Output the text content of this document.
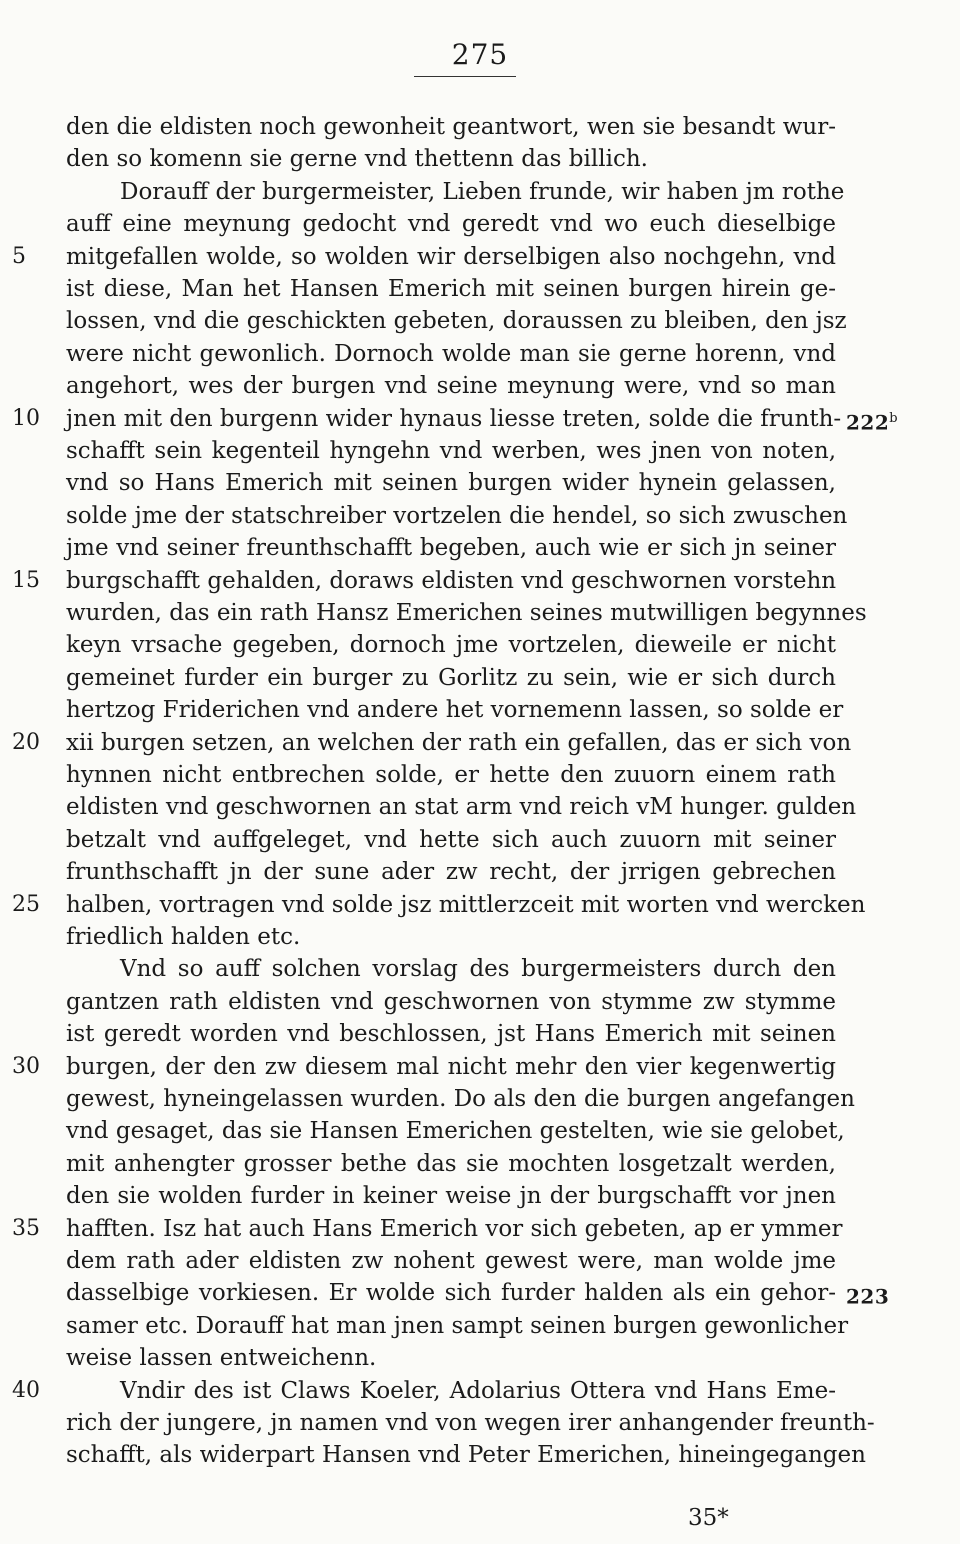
275
den die eldisten noch gewonheit geantwort, wen sie besandt wur-
den so komenn sie gerne vnd thettenn das billich.
Dorauff der burgermeister, Lieben frunde, wir haben jm rothe
auff eine meynung gedocht vnd geredt vnd wo euch dieselbige
mitgefallen wolde, so wolden wir derselbigen also nochgehn, vnd
ist diese, Man het Hansen Emerich mit seinen burgen hirein ge-
lossen, vnd die geschickten gebeten, doraussen zu bleiben, den jsz
were nicht gewonlich. Dornoch wolde man sie gerne horenn, vnd
angehort, wes der burgen vnd seine meynung were, vnd so man
jnen mit den burgenn wider hynaus liesse treten, solde die frunth-
schafft sein kegenteil hyngehn vnd werben, wes jnen von noten,
vnd so Hans Emerich mit seinen burgen wider hynein gelassen,
solde jme der statschreiber vortzelen die hendel, so sich zwuschen
jme vnd seiner freunthschafft begeben, auch wie er sich jn seiner
burgschafft gehalden, doraws eldisten vnd geschwornen vorstehn
wurden, das ein rath Hansz Emerichen seines mutwilligen begynnes
keyn vrsache gegeben, dornoch jme vortzelen, dieweile er nicht
gemeinet furder ein burger zu Gorlitz zu sein, wie er sich durch
hertzog Friderichen vnd andere het vornemenn lassen, so solde er
xii burgen setzen, an welchen der rath ein gefallen, das er sich von
hynnen nicht entbrechen solde, er hette den zuuorn einem rath
eldisten vnd geschwornen an stat arm vnd reich vM hunger. gulden
betzalt vnd auffgeleget, vnd hette sich auch zuuorn mit seiner
frunthschafft jn der sune ader zw recht, der jrrigen gebrechen
halben, vortragen vnd solde jsz mittlerzceit mit worten vnd wercken
friedlich halden etc.
Vnd so auff solchen vorslag des burgermeisters durch den
gantzen rath eldisten vnd geschwornen von stymme zw stymme
ist geredt worden vnd beschlossen, jst Hans Emerich mit seinen
burgen, der den zw diesem mal nicht mehr den vier kegenwertig
gewest, hyneingelassen wurden. Do als den die burgen angefangen
vnd gesaget, das sie Hansen Emerichen gestelten, wie sie gelobet,
mit anhengter grosser bethe das sie mochten losgetzalt werden,
den sie wolden furder in keiner weise jn der burgschafft vor jnen
hafften. Isz hat auch Hans Emerich vor sich gebeten, ap er ymmer
dem rath ader eldisten zw nohent gewest were, man wolde jme
dasselbige vorkiesen. Er wolde sich furder halden als ein gehor-
samer etc. Dorauff hat man jnen sampt seinen burgen gewonlicher
weise lassen entweichenn.
Vndir des ist Claws Koeler, Adolarius Ottera vnd Hans Eme-
rich der jungere, jn namen vnd von wegen irer anhangender freunth-
schafft, als widerpart Hansen vnd Peter Emerichen, hineingegangen
5
10
15
20
25
30
35
40
222$^b$
223
35*
